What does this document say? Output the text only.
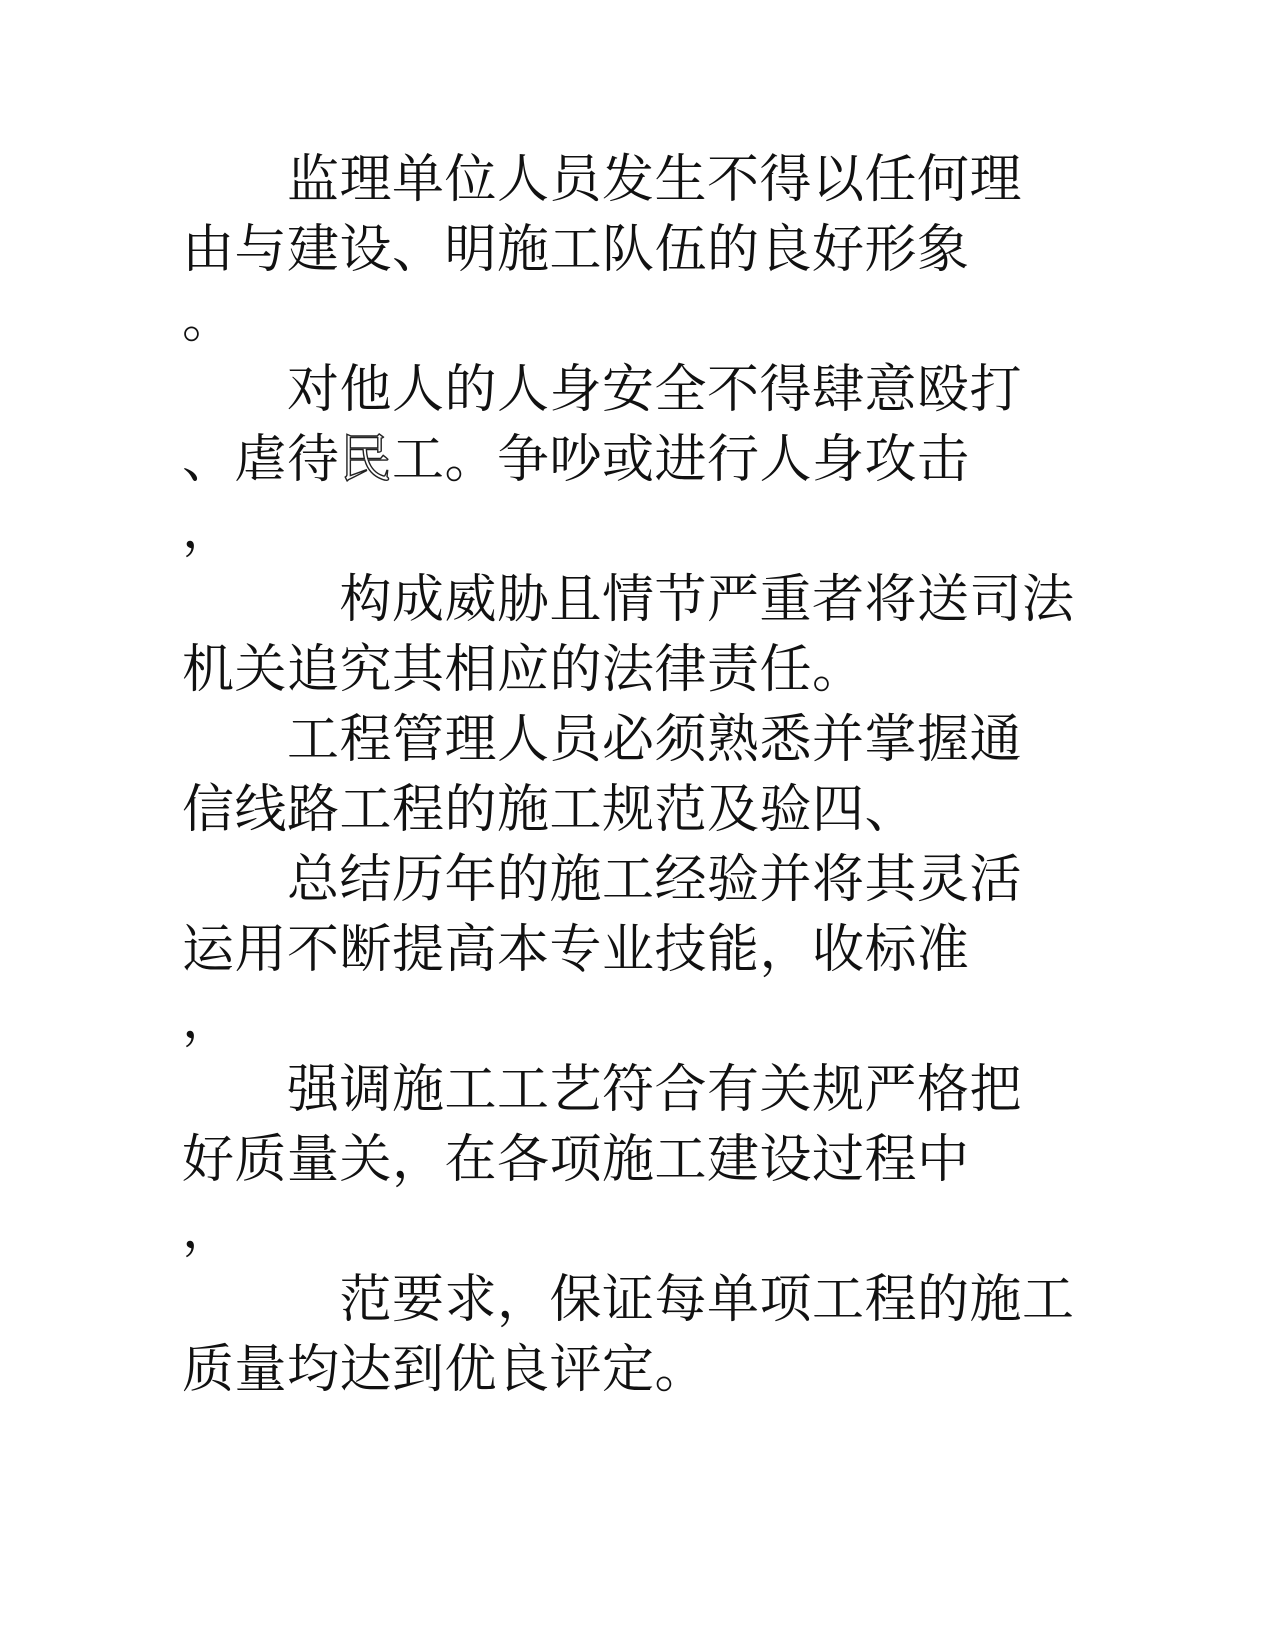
　　监理单位人员发生不得以任何理
由与建设、明施工队伍的良好形象
。
　　对他人的人身安全不得肆意殴打
、虐待民工。争吵或进行人身攻击
，
　　　构成威胁且情节严重者将送司法
机关追究其相应的法律责任。
　　工程管理人员必须熟悉并掌握通
信线路工程的施工规范及验四、
　　总结历年的施工经验并将其灵活
运用不断提高本专业技能，收标准
，
　　强调施工工艺符合有关规严格把
好质量关，在各项施工建设过程中
，
　　　范要求，保证每单项工程的施工
质量均达到优良评定。
